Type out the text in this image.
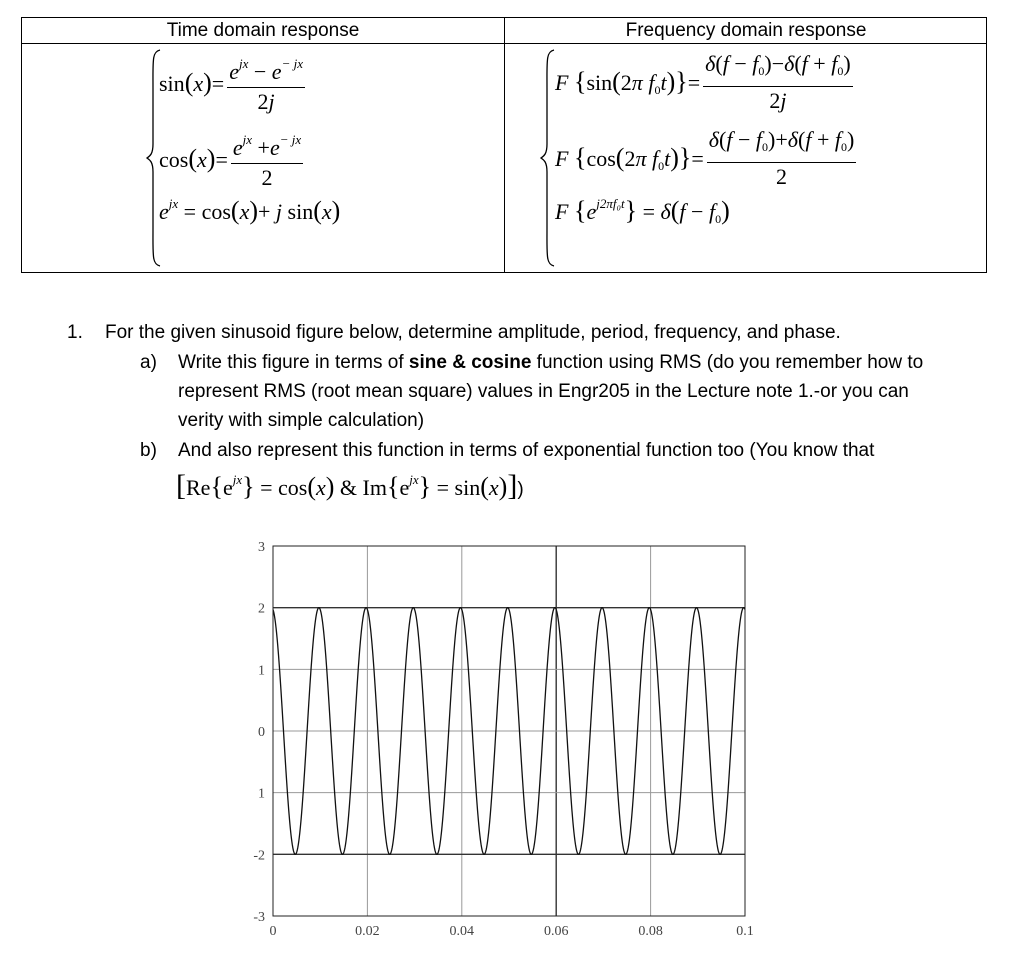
Time domain response	Frequency domain response
$\sin(x)= \frac{e^{jx} - e^{- jx}}{2j}$
$\cos(x)= \frac{e^{jx} +e^{- jx}}{2}$
$e^{jx} = \cos(x)+ j$ sin(x)
F {sin(2π $f_0t)\}= \frac{\delta(f - f_0)-\delta(f + f_0)}{2j}$
F {cos(2π $f_0t)\}= \frac{\delta(f - f_0)+\delta(f + f_0)}{2}$
F $\{e^{j2\pi f_0t}\} = \delta(f - f_0)$
1. For the given sinusoid figure below, determine amplitude, period, frequency, and phase.
a) Write this figure in terms of sine & cosine function using RMS (do you remember how to
represent RMS (root mean square) values in Engr205 in the Lecture note 1.-or you can
verity with simple calculation)
b) And also represent this function in terms of exponential function too (You know that
[$Re\{e^{jx}\} = \cos(x)$ & $Im\{e^{jx}\} = \sin(x)$])
0	0.02	0.04	0.06	0.08	0.1
3
2
1
0
1
-2
-3
